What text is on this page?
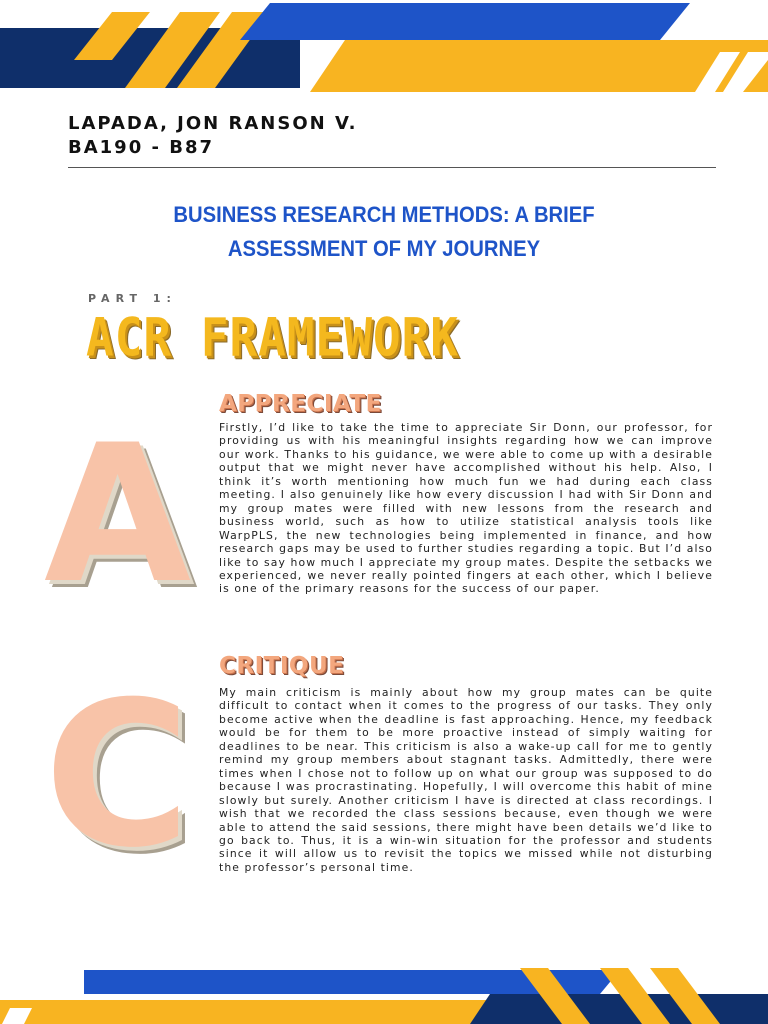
LAPADA, JON RANSON V.
BA190 - B87
BUSINESS RESEARCH METHODS: A BRIEF
ASSESSMENT OF MY JOURNEY
PART 1:
ACR FRAMEWORK
A APPRECIATE

Firstly, I’d like to take the time to appreciate Sir Donn, our professor, for providing us with his meaningful insights regarding how we can improve our work. Thanks to his guidance, we were able to come up with a desirable output that we might never have accomplished without his help. Also, I think it’s worth mentioning how much fun we had during each class meeting. I also genuinely like how every discussion I had with Sir Donn and my group mates were filled with new lessons from the research and business world, such as how to utilize statistical analysis tools like WarpPLS, the new technologies being implemented in finance, and how research gaps may be used to further studies regarding a topic. But I’d also like to say how much I appreciate my group mates. Despite the setbacks we experienced, we never really pointed fingers at each other, which I believe is one of the primary reasons for the success of our paper.

C CRITIQUE

My main criticism is mainly about how my group mates can be quite difficult to contact when it comes to the progress of our tasks. They only become active when the deadline is fast approaching. Hence, my feedback would be for them to be more proactive instead of simply waiting for deadlines to be near. This criticism is also a wake-up call for me to gently remind my group members about stagnant tasks. Admittedly, there were times when I chose not to follow up on what our group was supposed to do because I was procrastinating. Hopefully, I will overcome this habit of mine slowly but surely. Another criticism I have is directed at class recordings. I wish that we recorded the class sessions because, even though we were able to attend the said sessions, there might have been details we’d like to go back to. Thus, it is a win-win situation for the professor and students since it will allow us to revisit the topics we missed while not disturbing the professor’s personal time.
